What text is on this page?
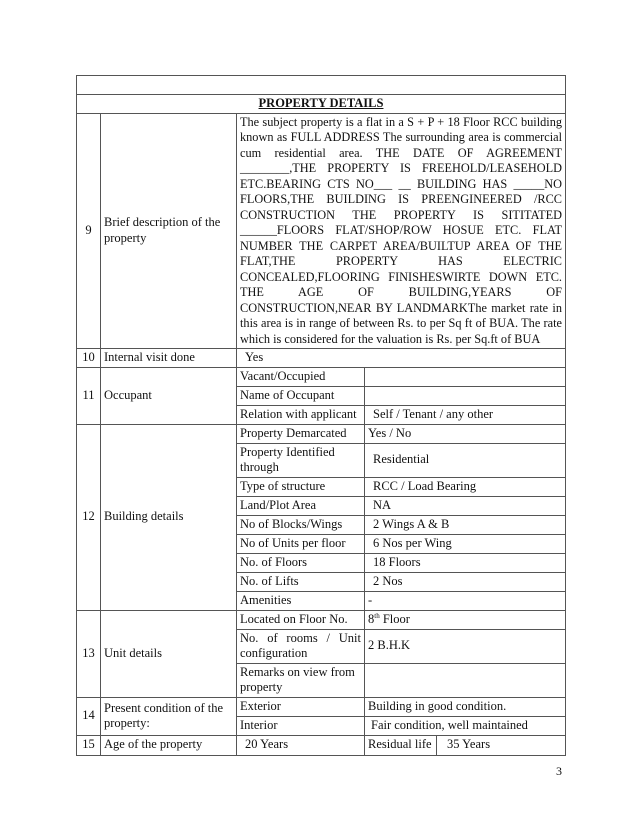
PROPERTY DETAILS			
9	Brief description of the property	The subject property is a flat in a S + P + 18 Floor RCC building known as FULL ADDRESS The surrounding area is commercial cum residential area. THE DATE OF AGREEMENT ________,THE PROPERTY IS FREEHOLD/LEASEHOLD ETC.BEARING CTS NO___ __ BUILDING HAS _____NO FLOORS,THE BUILDING IS PREENGINEERED /RCC CONSTRUCTION THE PROPERTY IS SITITATED ______FLOORS FLAT/SHOP/ROW HOSUE ETC. FLAT NUMBER THE CARPET AREA/BUILTUP AREA OF THE FLAT,THE PROPERTY HAS ELECTRIC CONCEALED,FLOORING FINISHESWIRTE DOWN ETC. THE AGE OF BUILDING,YEARS OF CONSTRUCTION,NEAR BY LANDMARKThe market rate in this area is in range of between Rs. to per Sq ft of BUA. The rate which is considered for the valuation is Rs. per Sq.ft of BUA	
10	Internal visit done	Yes	
11	Occupant	Vacant/Occupied	
		Name of Occupant	
		Relation with applicant	Self / Tenant / any other
12	Building details	Property Demarcated	Yes / No
		Property Identified through	Residential
		Type of structure	RCC / Load Bearing
		Land/Plot Area	NA
		No of Blocks/Wings	2 Wings A & B
		No of Units per floor	6 Nos per Wing
		No. of Floors	18 Floors
		No. of Lifts	2 Nos
		Amenities	-
13	Unit details	Located on Floor No.	8th Floor
		No. of rooms / Unit configuration	2 B.H.K
		Remarks on view from property	
14	Present condition of the property:	Exterior	Building in good condition.
		Interior	Fair condition, well maintained
15	Age of the property	20 Years	Residual life 35 Years
3
